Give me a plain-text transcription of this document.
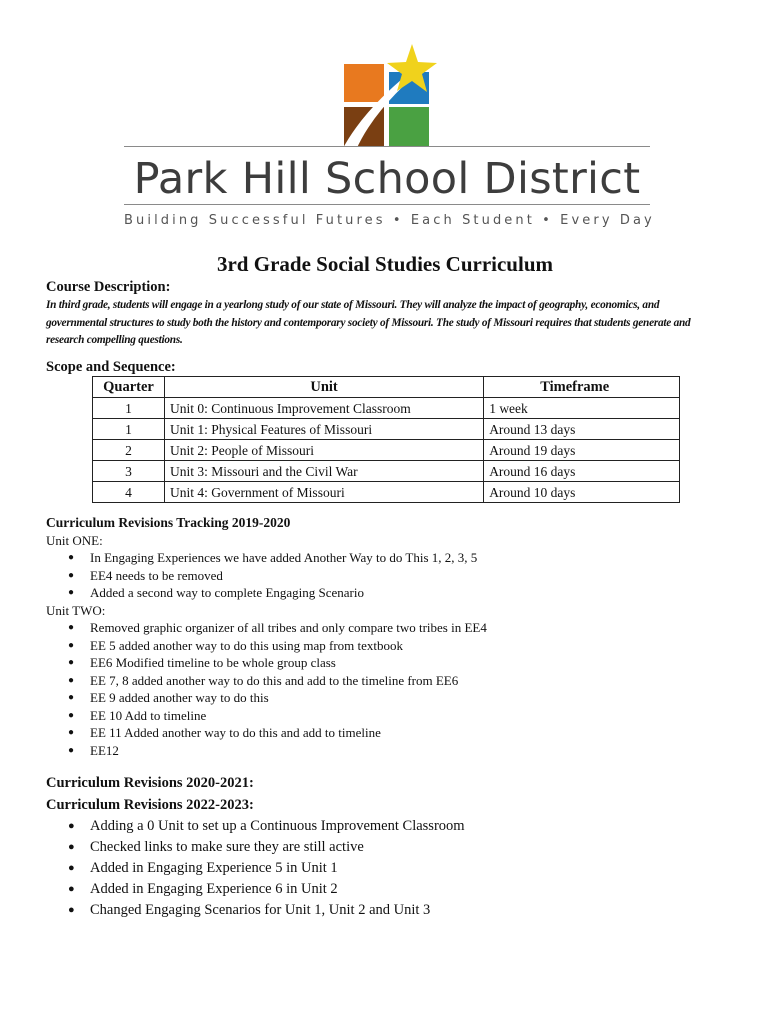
Park Hill School District
Building Successful Futures • Each Student • Every Day
3rd Grade Social Studies Curriculum
Course Description:
In third grade, students will engage in a yearlong study of our state of Missouri. They will analyze the impact of geography, economics, and governmental structures to study both the history and contemporary society of Missouri. The study of Missouri requires that students generate and research compelling questions.
Scope and Sequence:
Quarter	Unit	Timeframe
1	Unit 0: Continuous Improvement Classroom	1 week
1	Unit 1: Physical Features of Missouri	Around 13 days
2	Unit 2: People of Missouri	Around 19 days
3	Unit 3: Missouri and the Civil War	Around 16 days
4	Unit 4: Government of Missouri	Around 10 days
Curriculum Revisions Tracking 2019-2020
Unit ONE:
● In Engaging Experiences we have added Another Way to do This 1, 2, 3, 5
● EE4 needs to be removed
● Added a second way to complete Engaging Scenario
Unit TWO:
● Removed graphic organizer of all tribes and only compare two tribes in EE4
● EE 5 added another way to do this using map from textbook
● EE6 Modified timeline to be whole group class
● EE 7, 8 added another way to do this and add to the timeline from EE6
● EE 9 added another way to do this
● EE 10 Add to timeline
● EE 11 Added another way to do this and add to timeline
● EE12
Curriculum Revisions 2020-2021:
Curriculum Revisions 2022-2023:
● Adding a 0 Unit to set up a Continuous Improvement Classroom
● Checked links to make sure they are still active
● Added in Engaging Experience 5 in Unit 1
● Added in Engaging Experience 6 in Unit 2
● Changed Engaging Scenarios for Unit 1, Unit 2 and Unit 3
